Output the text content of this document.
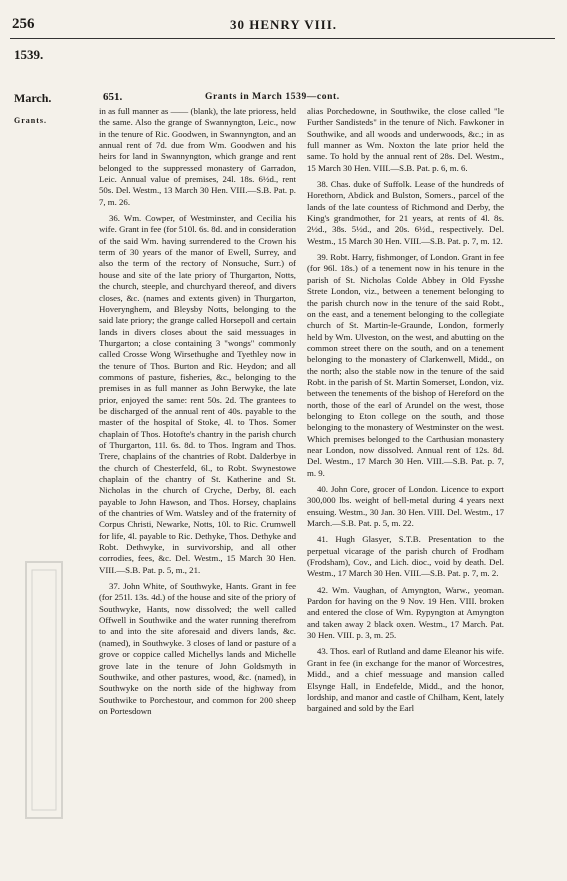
256	30 HENRY VIII.
1539.
March.
Grants.
651.	Grants in March 1539—cont.

in as full manner as —— (blank), the late prioress, held the same. Also the grange of Swannyngton, Leic., now in the tenure of Ric. Goodwen, in Swannyngton, and an annual rent of 7d. due from Wm. Goodwen and his heirs for land in Swannyngton, which grange and rent belonged to the suppressed monastery of Garradon, Leic. Annual value of premises, 24l. 18s. 6½d., rent 50s. Del. Westm., 13 March 30 Hen. VIII.—S.B. Pat. p. 7, m. 26.

36. Wm. Cowper, of Westminster, and Cecilia his wife. Grant in fee (for 510l. 6s. 8d. and in consideration of the said Wm. having surrendered to the Crown his term of 30 years of the manor of Ewell, Surrey, and also the term of the rectory of Nonsuche, Surr.) of house and site of the late priory of Thurgarton, Notts, the church, steeple, and churchyard thereof, and divers closes, &c. (names and extents given) in Thurgarton, Hoverynghem, and Bleysby Notts, belonging to the said late priory; the grange called Horsepoll and certain lands in divers closes about the said messuages in Thurgarton; a close containing 3 "wongs" commonly called Crosse Wong Wirsethughe and Tyethley now in the tenure of Thos. Burton and Ric. Heydon; and all commons of pasture, fisheries, &c., belonging to the premises in as full manner as John Berwyke, the late prior, enjoyed the same: rent 50s. 2d. The grantees to be discharged of the annual rent of 40s. payable to the master of the hospital of Stoke, 4l. to Thos. Somer chaplain of Thos. Hotofte's chantry in the parish church of Thurgarton, 11l. 6s. 8d. to Thos. Ingram and Thos. Trere, chaplains of the chantries of Robt. Dalderbye in the church of Chesterfeld, 6l., to Robt. Swynestowe chaplain of the chantry of St. Katherine and St. Nicholas in the church of Cryche, Derby, 8l. each payable to John Hawson, and Thos. Horsey, chaplains of the chantries of Wm. Watsley and of the fraternity of Corpus Christi, Newarke, Notts, 10l. to Ric. Crumwell for life, 4l. payable to Ric. Dethyke, Thos. Dethyke and Robt. Dethwyke, in survivorship, and all other corrodies, fees, &c. Del. Westm., 15 March 30 Hen. VIII.—S.B. Pat. p. 5, m., 21.

37. John White, of Southwyke, Hants. Grant in fee (for 251l. 13s. 4d.) of the house and site of the priory of Southwyke, Hants, now dissolved; the well called Offwell in Southwike and the water running therefrom to and into the site aforesaid and divers lands, &c. (named), in Southwyke. 3 closes of land or pasture of a grove or coppice called Michellys lands and Michelle grove late in the tenure of John Goldsmyth in Southwike, and other pastures, wood, &c. (named), in Southwyke on the north side of the highway from Southwike to Porchestour, and common for 200 sheep on Portesdown

alias Porchedowne, in Southwike, the close called "le Further Sandisteds" in the tenure of Nich. Fawkoner in Southwike, and all woods and underwoods, &c.; in as full manner as Wm. Noxton the late prior held the same. To hold by the annual rent of 28s. Del. Westm., 15 March 30 Hen. VIII.—S.B. Pat. p. 6, m. 6.

38. Chas. duke of Suffolk. Lease of the hundreds of Horethorn, Abdick and Bulston, Somers., parcel of the lands of the late countess of Richmond and Derby, the King's grandmother, for 21 years, at rents of 4l. 8s. 2½d., 38s. 5½d., and 20s. 6½d., respectively. Del. Westm., 15 March 30 Hen. VIII.—S.B. Pat. p. 7, m. 12.

39. Robt. Harry, fishmonger, of London. Grant in fee (for 96l. 18s.) of a tenement now in his tenure in the parish of St. Nicholas Colde Abbey in Old Fysshe Strete London, viz., between a tenement belonging to the parish church now in the tenure of the said Robt., on the east, and a tenement belonging to the collegiate church of St. Martin-le-Graunde, London, formerly held by Wm. Ulveston, on the west, and abutting on the common street there on the south, and on a tenement belonging to the monastery of Clarkenwell, Midd., on the north; also the stable now in the tenure of the said Robt. in the parish of St. Martin Somerset, London, viz. between the tenements of the bishop of Hereford on the north, those of the earl of Arundel on the west, those belonging to Eton college on the south, and those belonging to the monastery of Westminster on the west. Which premises belonged to the Carthusian monastery near London, now dissolved. Annual rent of 12s. 8d. Del. Westm., 17 March 30 Hen. VIII.—S.B. Pat. p. 7, m. 9.

40. John Core, grocer of London. Licence to export 300,000 lbs. weight of bell-metal during 4 years next ensuing. Westm., 30 Jan. 30 Hen. VIII. Del. Westm., 17 March.—S.B. Pat. p. 5, m. 22.

41. Hugh Glasyer, S.T.B. Presentation to the perpetual vicarage of the parish church of Frodham (Frodsham), Cov., and Lich. dioc., void by death. Del. Westm., 17 March 30 Hen. VIII.—S.B. Pat. p. 7, m. 2.

42. Wm. Vaughan, of Amyngton, Warw., yeoman. Pardon for having on the 9 Nov. 19 Hen. VIII. broken and entered the close of Wm. Rypyngton at Amyngton and taken away 2 black oxen. Westm., 17 March. Pat. 30 Hen. VIII. p. 3, m. 25.

43. Thos. earl of Rutland and dame Eleanor his wife. Grant in fee (in exchange for the manor of Worcestres, Midd., and a chief messuage and mansion called Elsynge Hall, in Endefelde, Midd., and the honor, lordship, and manor and castle of Chilham, Kent, lately bargained and sold by the Earl
